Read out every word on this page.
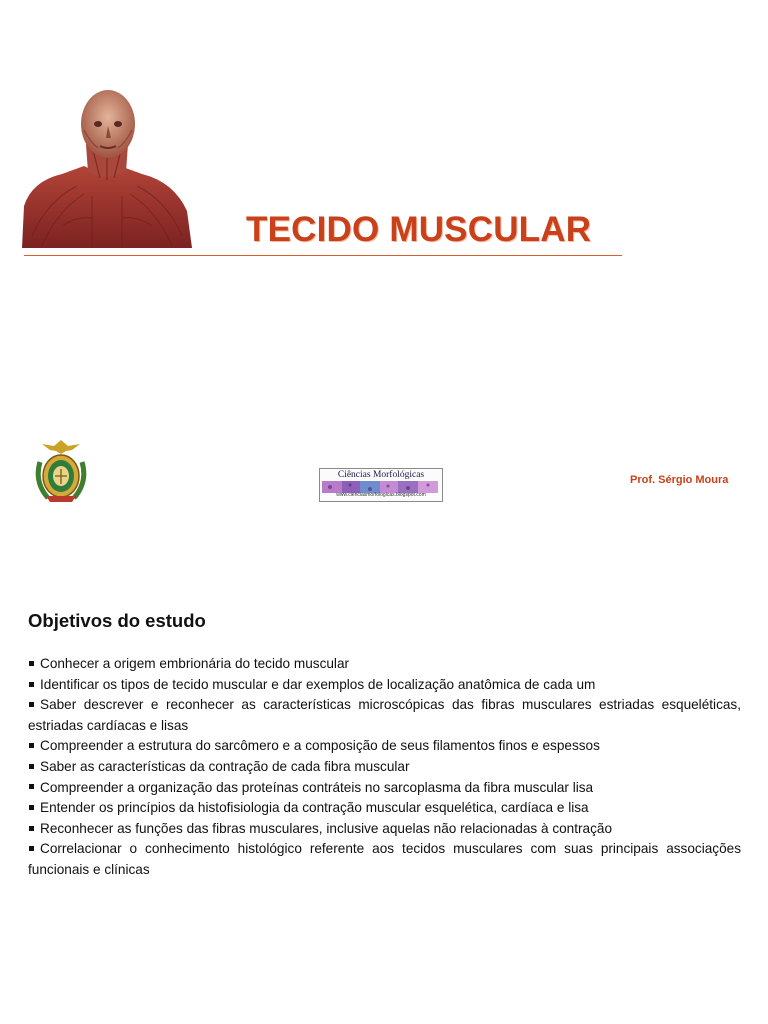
TECIDO MUSCULAR
Ciências Morfológicas
www.cienciasmorfologicas.blogspot.com
Prof. Sérgio Moura
Objetivos do estudo
Conhecer a origem embrionária do tecido muscular
Identificar os tipos de tecido muscular e dar exemplos de localização anatômica de cada um
Saber descrever e reconhecer as características microscópicas das fibras musculares estriadas esqueléticas, estriadas cardíacas e lisas
Compreender a estrutura do sarcômero e a composição de seus filamentos finos e espessos
Saber as características da contração de cada fibra muscular
Compreender a organização das proteínas contráteis no sarcoplasma da fibra muscular lisa
Entender os princípios da histofisiologia da contração muscular esquelética, cardíaca e lisa
Reconhecer as funções das fibras musculares, inclusive aquelas não relacionadas à contração
Correlacionar o conhecimento histológico referente aos tecidos musculares com suas principais associações funcionais e clínicas
